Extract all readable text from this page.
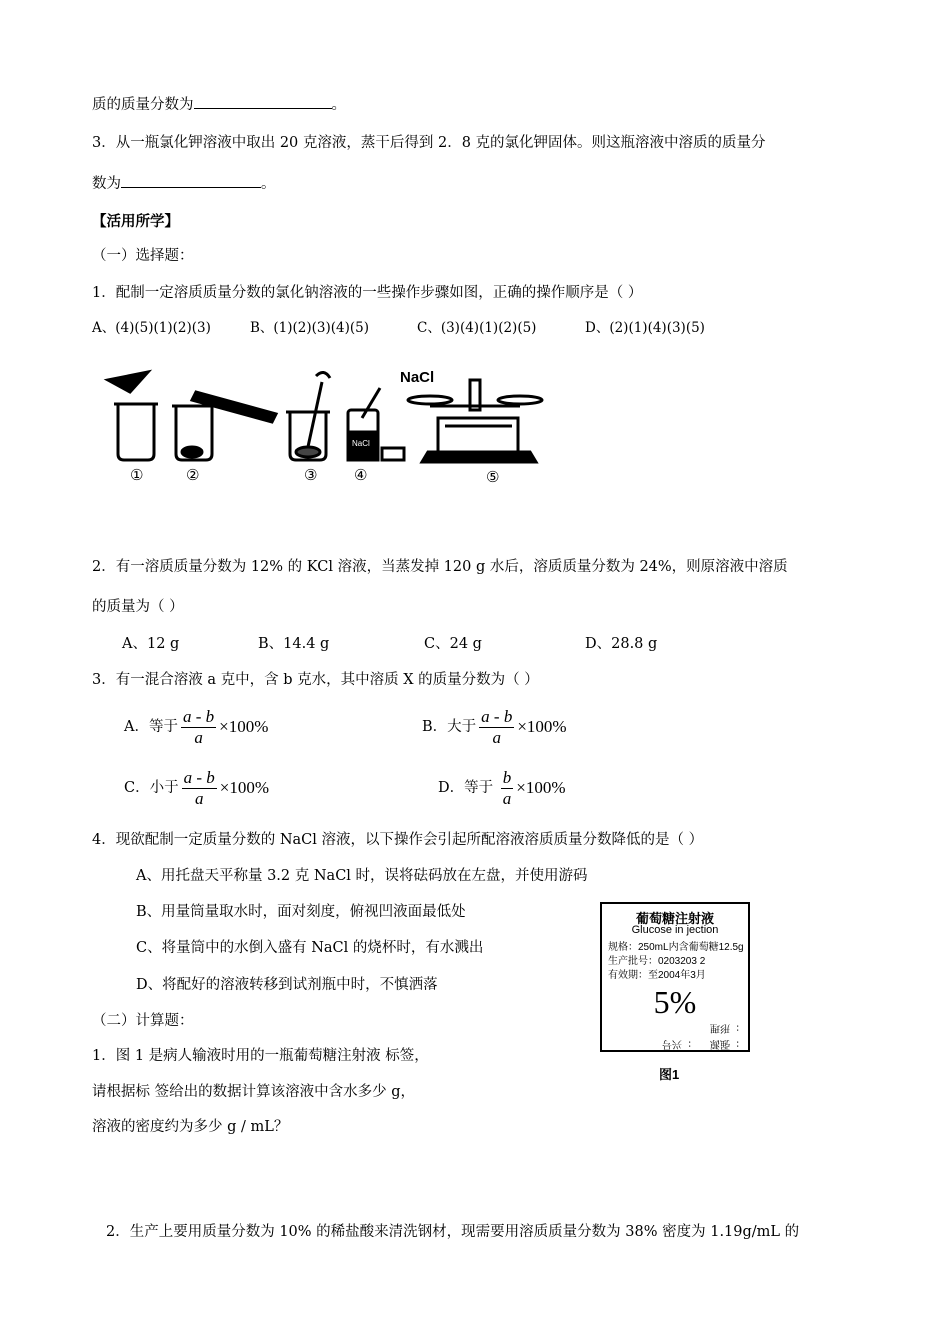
质的质量分数为	。
3．从一瓶氯化钾溶液中取出 20 克溶液，蒸干后得到 2．8 克的氯化钾固体。则这瓶溶液中溶质的质量分
数为	。
【活用所学】
（一）选择题：
1．配制一定溶质质量分数的氯化钠溶液的一些操作步骤如图，正确的操作顺序是（ ）
A、(4)(5)(1)(2)(3)	B、(1)(2)(3)(4)(5)	C、(3)(4)(1)(2)(5)	D、(2)(1)(4)(3)(5)
NaCl
NaCl
①	②	③ ④	⑤
2．有一溶质质量分数为 12% 的 KCl 溶液，当蒸发掉 120 g 水后，溶质质量分数为 24%，则原溶液中溶质
的质量为（ ）
A、12 g	B、14.4 g	C、24 g	D、28.8 g
3．有一混合溶液 a 克中，含 b 克水，其中溶质 X 的质量分数为（ ）
A．等于 $\frac{a - b}{a} \times 100\%$	B．大于 $\frac{a - b}{a} \times 100\%$
C．小于 $\frac{a - b}{a} \times 100\%$	D．等于 $\frac{b}{a} \times 100\%$
4．现欲配制一定质量分数的 NaCl 溶液，以下操作会引起所配溶液溶质质量分数降低的是（ ）
A、用托盘天平称量 3.2 克 NaCl 时，误将砝码放在左盘，并使用游码
B、用量筒量取水时，面对刻度，俯视凹液面最低处
C、将量筒中的水倒入盛有 NaCl 的烧杯时，有水溅出
D、将配好的溶液转移到试剂瓶中时，不慎洒落
（二）计算题：
1．图 1 是病人输液时用的一瓶葡萄糖注射液 标签，
请根据标 签给出的数据计算该溶液中含水多少 g，
溶液的密度约为多少 g / mL？
2．生产上要用质量分数为 10% 的稀盐酸来清洗钢材，现需要用溶质质量分数为 38% 密度为 1.19g/mL 的
葡萄糖注射液
Glucose in jection
规格：250mL内含葡萄糖12.5g
生产批号：0203203 2
有效期：至2004年3月
5%
：形理
：兴号 ：强源
图1
